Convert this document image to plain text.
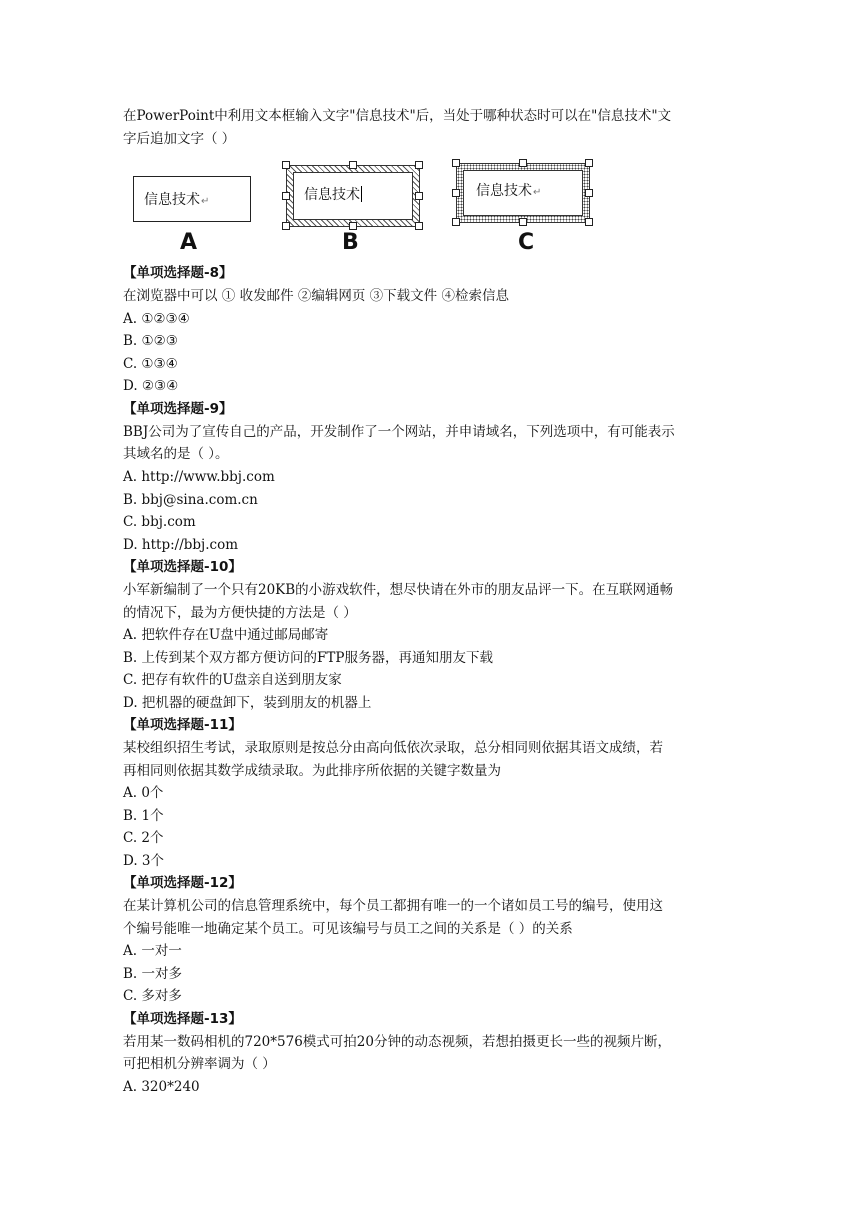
在PowerPoint中利用文本框输入文字"信息技术"后，当处于哪种状态时可以在"信息技术"文
字后追加文字（ ）
信息技术↵
A
信息技术
B
信息技术↵
C
【单项选择题-8】
在浏览器中可以 ① 收发邮件 ②编辑网页 ③下载文件 ④检索信息
A. ①②③④
B. ①②③
C. ①③④
D. ②③④
【单项选择题-9】
BBJ公司为了宣传自己的产品，开发制作了一个网站，并申请域名，下列选项中，有可能表示
其域名的是（ ）。
A. http://www.bbj.com
B. bbj@sina.com.cn
C. bbj.com
D. http://bbj.com
【单项选择题-10】
小军新编制了一个只有20KB的小游戏软件，想尽快请在外市的朋友品评一下。在互联网通畅
的情况下，最为方便快捷的方法是（ ）
A. 把软件存在U盘中通过邮局邮寄
B. 上传到某个双方都方便访问的FTP服务器，再通知朋友下载
C. 把存有软件的U盘亲自送到朋友家
D. 把机器的硬盘卸下，装到朋友的机器上
【单项选择题-11】
某校组织招生考试，录取原则是按总分由高向低依次录取，总分相同则依据其语文成绩，若
再相同则依据其数学成绩录取。为此排序所依据的关键字数量为
A. 0个
B. 1个
C. 2个
D. 3个
【单项选择题-12】
在某计算机公司的信息管理系统中，每个员工都拥有唯一的一个诸如员工号的编号，使用这
个编号能唯一地确定某个员工。可见该编号与员工之间的关系是（ ）的关系
A. 一对一
B. 一对多
C. 多对多
【单项选择题-13】
若用某一数码相机的720*576模式可拍20分钟的动态视频，若想拍摄更长一些的视频片断，
可把相机分辨率调为（ ）
A. 320*240
